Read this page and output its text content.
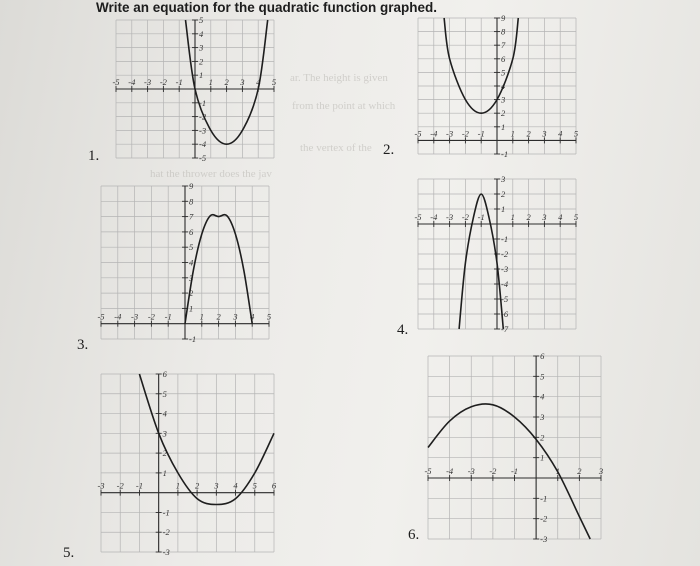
ar. The height is given
from the point at which
the vertex of the
hat the thrower does the jav
Write an equation for the quadratic function graphed.
1.	2.
3.
4.
5.
6.
-5 -4 -3 -2 -1	1 2 3 4 5
5
4
3
2
1
-1
-2
-3
-4
-5
-5 -4 -3 -2 -1	1 2 3 4 5
9
8
7
6
5
4
3
2
1
-1
-5 -4 -3 -2 -1	1 2 3 4 5
9
8
7
6
5
4
3
2
1
-1
-5 -4 -3 -2 -1	1 2 3 4 5
3
2
1
-1
-2
-3
-4
-5
-6
-7
-3 -2 -1	1 2 3 4 5 6
6
5
4
3
2
1
-1
-2
-3
-5 -4 -3 -2 -1	1 2 3
6
5
4
3
2
1
-1
-2
-3
